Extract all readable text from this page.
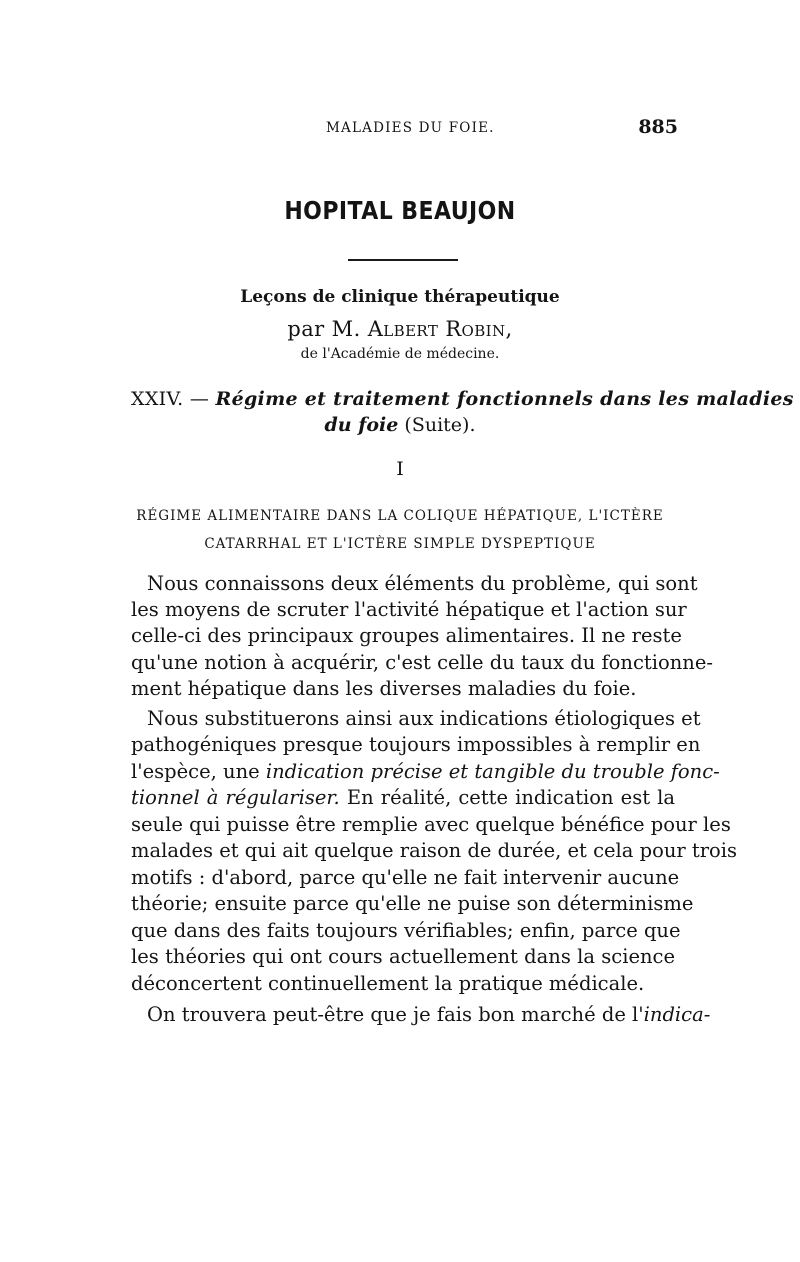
MALADIES DU FOIE.	885
HOPITAL BEAUJON
Leçons de clinique thérapeutique
par M. Albert Robin,
de l'Académie de médecine.
XXIV. — Régime et traitement fonctionnels dans les maladies
du foie (Suite).
I
RÉGIME ALIMENTAIRE DANS LA COLIQUE HÉPATIQUE, L'ICTÈRE
CATARRHAL ET L'ICTÈRE SIMPLE DYSPEPTIQUE
Nous connaissons deux éléments du problème, qui sont
les moyens de scruter l'activité hépatique et l'action sur
celle-ci des principaux groupes alimentaires. Il ne reste
qu'une notion à acquérir, c'est celle du taux du fonctionne-
ment hépatique dans les diverses maladies du foie.
Nous substituerons ainsi aux indications étiologiques et
pathogéniques presque toujours impossibles à remplir en
l'espèce, une indication précise et tangible du trouble fonc-
tionnel à régulariser. En réalité, cette indication est la
seule qui puisse être remplie avec quelque bénéfice pour les
malades et qui ait quelque raison de durée, et cela pour trois
motifs : d'abord, parce qu'elle ne fait intervenir aucune
théorie; ensuite parce qu'elle ne puise son déterminisme
que dans des faits toujours vérifiables; enfin, parce que
les théories qui ont cours actuellement dans la science
déconcertent continuellement la pratique médicale.
On trouvera peut-être que je fais bon marché de l'indica-
